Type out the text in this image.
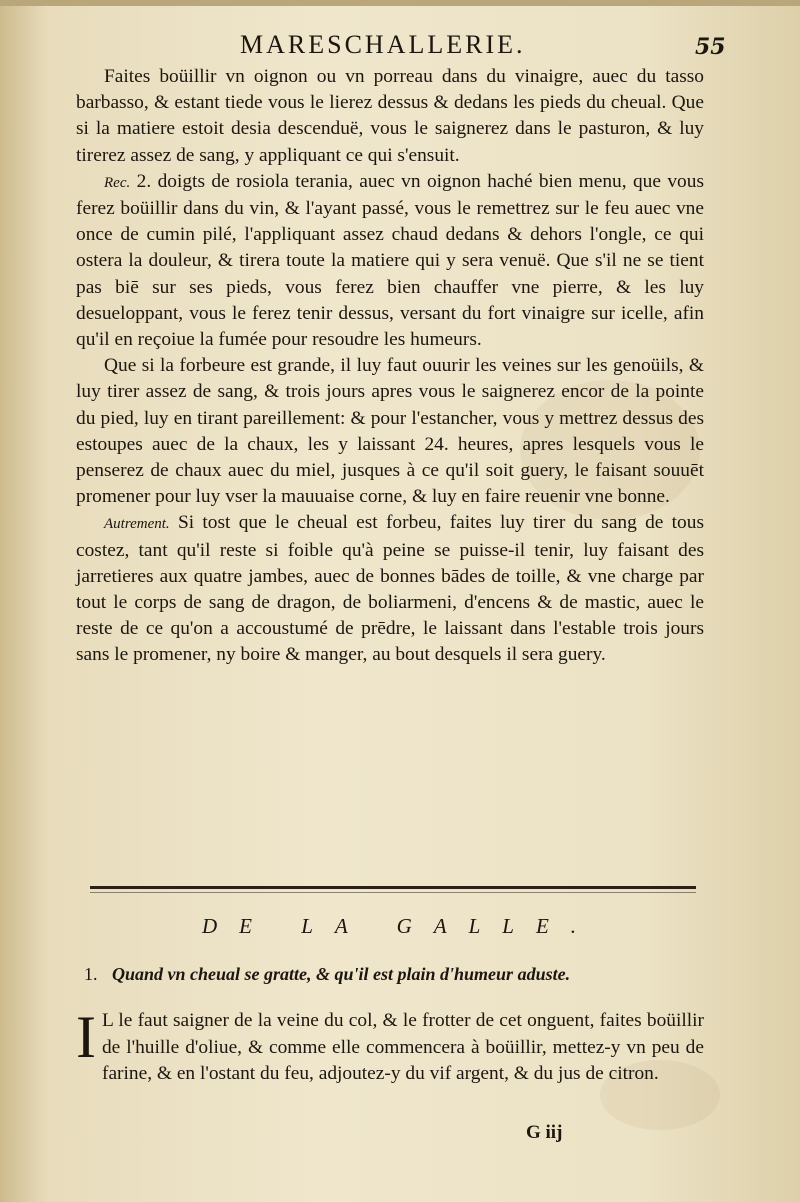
MARESCHALLERIE.	55

Faites boüillir vn oignon ou vn porreau dans du vinaigre, auec du tasso barbasso, & estant tiede vous le lierez dessus & dedans les pieds du cheual. Que si la matiere estoit desia descenduë, vous le saignerez dans le pasturon, & luy tirerez assez de sang, y appliquant ce qui s'ensuit.

Rec. 2. doigts de rosiola terania, auec vn oignon haché bien menu, que vous ferez boüillir dans du vin, & l'ayant passé, vous le remettrez sur le feu auec vne once de cumin pilé, l'appliquant assez chaud dedans & dehors l'ongle, ce qui ostera la douleur, & tirera toute la matiere qui y sera venuë. Que s'il ne se tient pas biē sur ses pieds, vous ferez bien chauffer vne pierre, & les luy desueloppant, vous le ferez tenir dessus, versant du fort vinaigre sur icelle, afin qu'il en reçoiue la fumée pour resoudre les humeurs.

Que si la forbeure est grande, il luy faut ouurir les veines sur les genoüils, & luy tirer assez de sang, & trois jours apres vous le saignerez encor de la pointe du pied, luy en tirant pareillement: & pour l'estancher, vous y mettrez dessus des estoupes auec de la chaux, les y laissant 24. heures, apres lesquels vous le penserez de chaux auec du miel, jusques à ce qu'il soit guery, le faisant souuēt promener pour luy vser la mauuaise corne, & luy en faire reuenir vne bonne.

Autrement. Si tost que le cheual est forbeu, faites luy tirer du sang de tous costez, tant qu'il reste si foible qu'à peine se puisse-il tenir, luy faisant des jarretieres aux quatre jambes, auec de bonnes bādes de toille, & vne charge par tout le corps de sang de dragon, de boliarmeni, d'encens & de mastic, auec le reste de ce qu'on a accoustumé de prēdre, le laissant dans l'estable trois jours sans le promener, ny boire & manger, au bout desquels il sera guery.

DE LA GALLE.
1. Quand vn cheual se gratte, & qu'il est plain d'humeur aduste.
I L le faut saigner de la veine du col, & le frotter de cet onguent, faites boüillir de l'huille d'oliue, & comme elle commencera à boüillir, mettez-y vn peu de farine, & en l'ostant du feu, adjoutez-y du vif argent, & du jus de citron.
G iij
